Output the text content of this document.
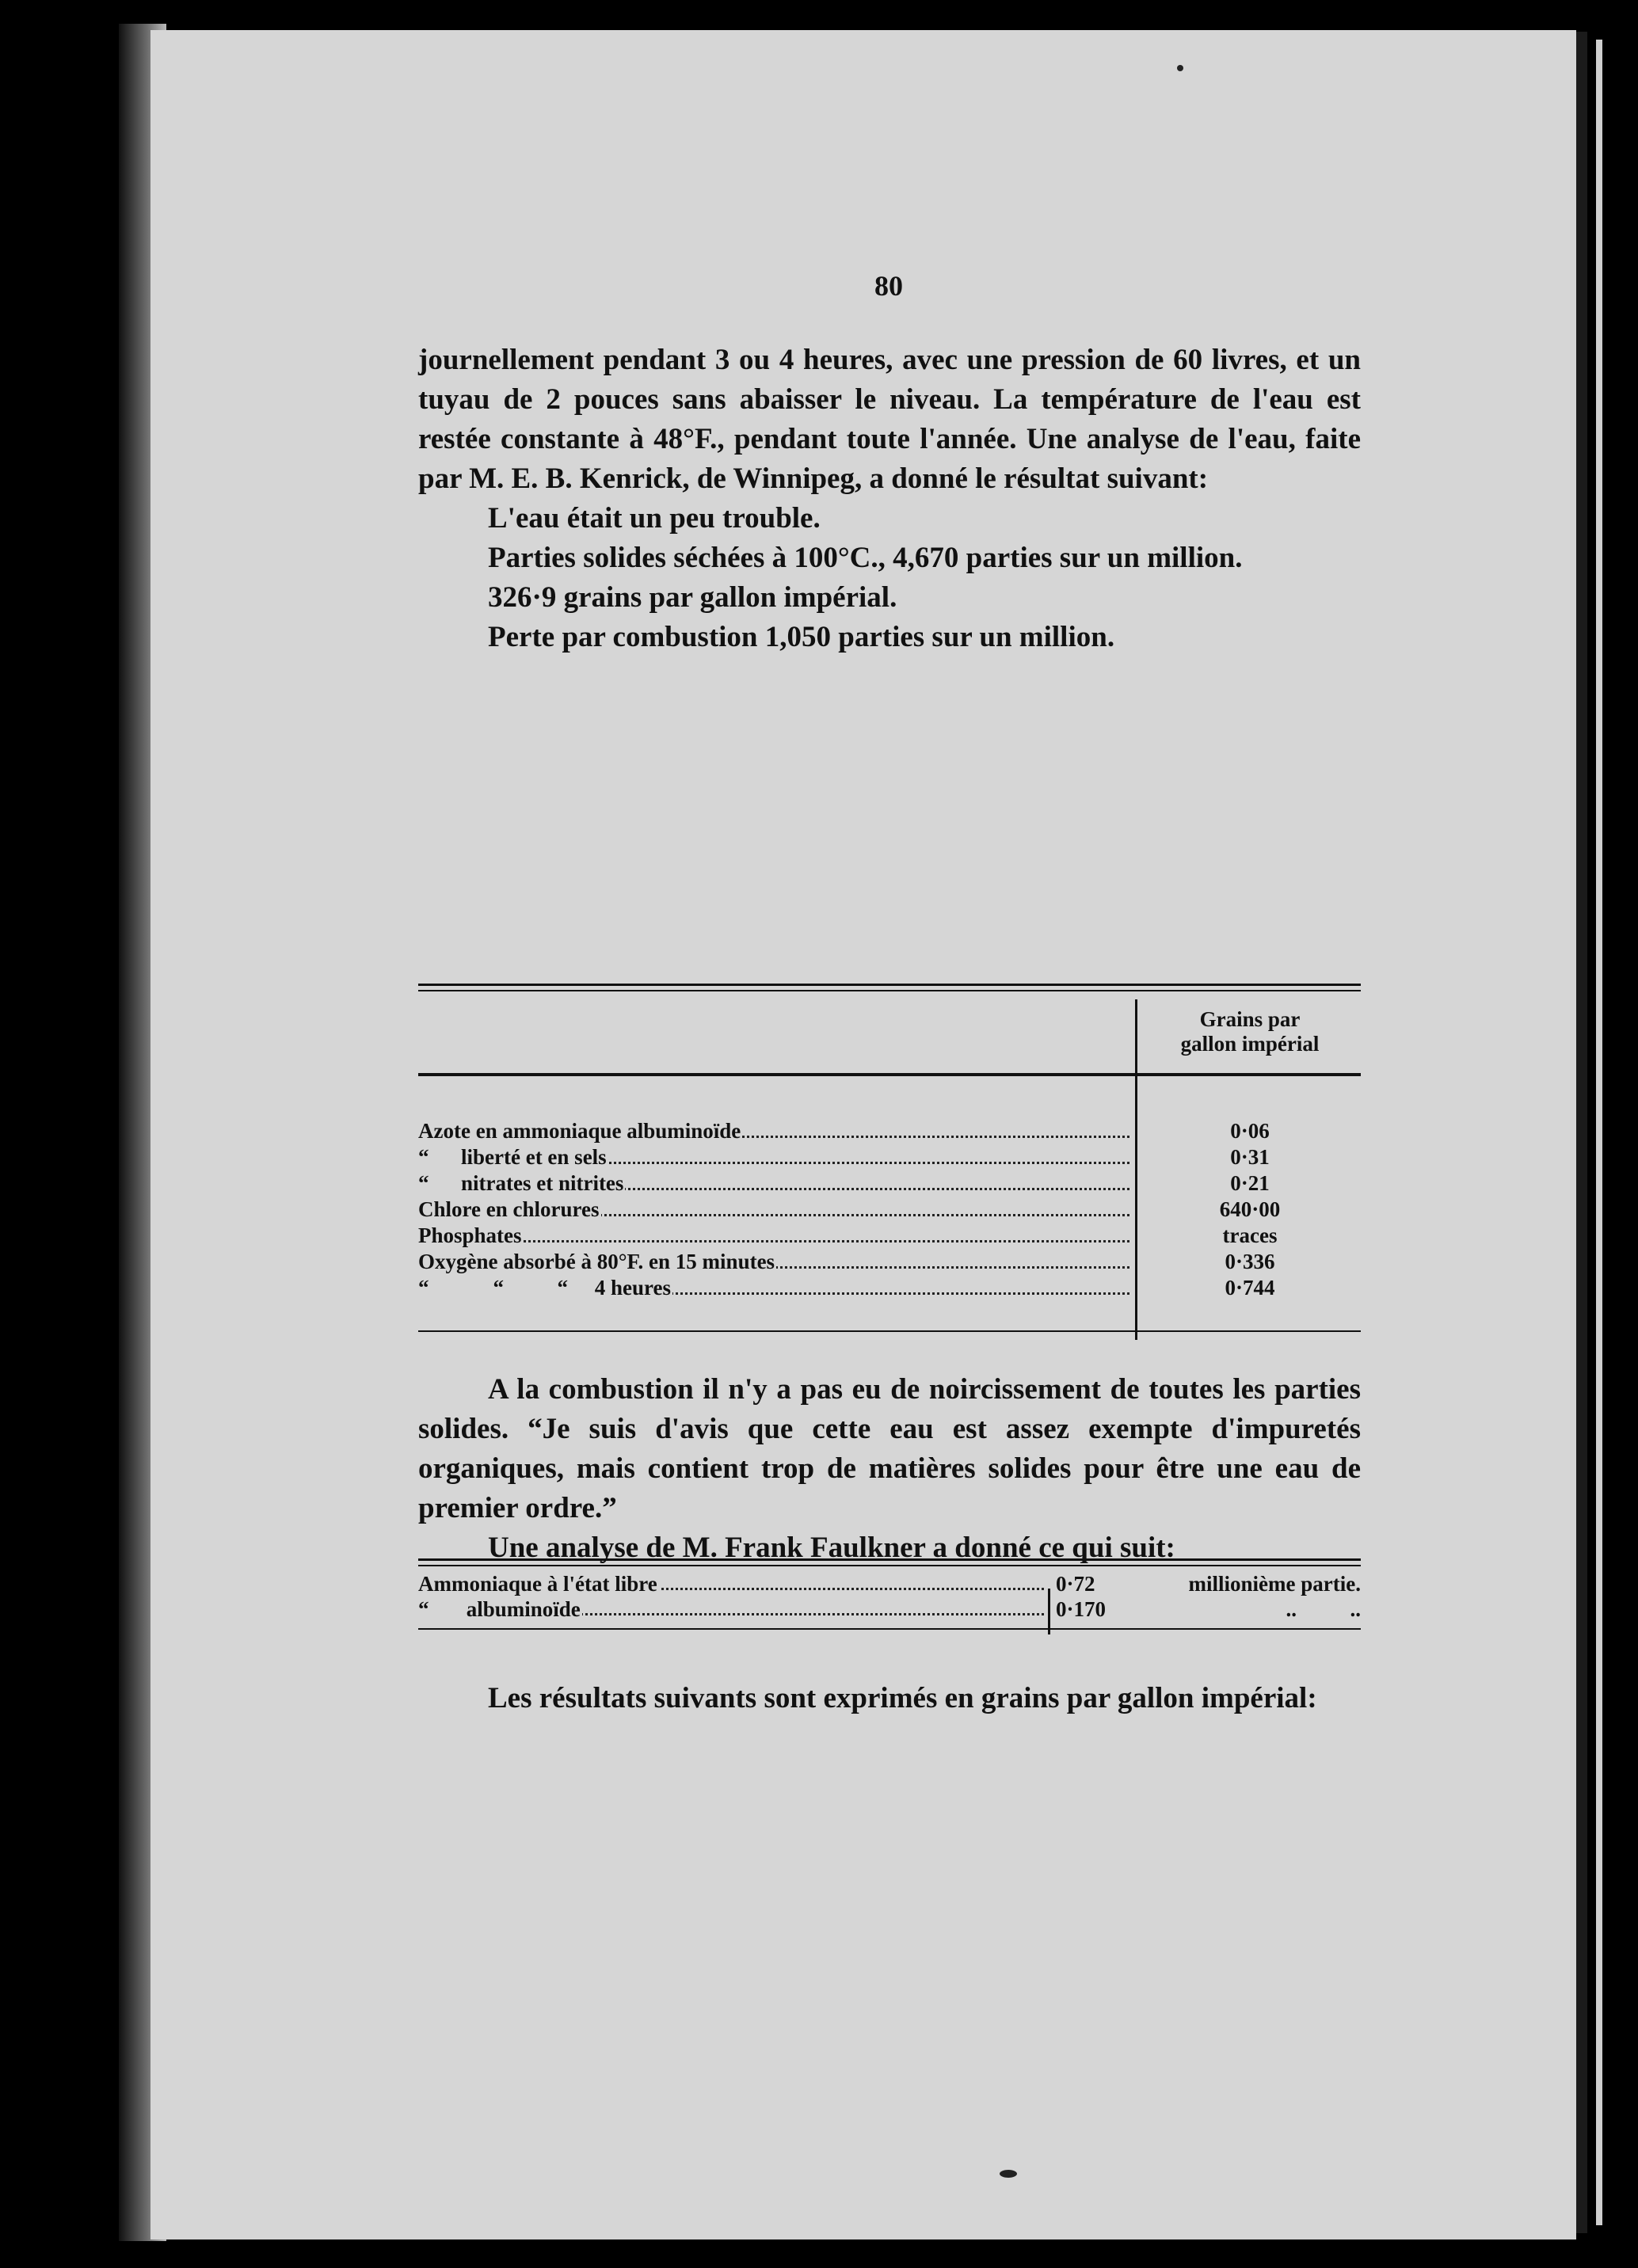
80

journellement pendant 3 ou 4 heures, avec une pression de 60 livres, et un tuyau de 2 pouces sans abaisser le niveau. La température de l'eau est restée constante à 48°F., pendant toute l'année. Une analyse de l'eau, faite par M. E. B. Kenrick, de Winnipeg, a donné le résultat suivant:

L'eau était un peu trouble.

Parties solides séchées à 100°C., 4,670 parties sur un million.

326·9 grains par gallon impérial.

Perte par combustion 1,050 parties sur un million.

Grains par
gallon impérial
Azote en ammoniaque albuminoïde	0·06
“      liberté et en sels	0·31
“      nitrates et nitrites	0·21
Chlore en chlorures	640·00
Phosphates	traces
Oxygène absorbé à 80°F. en 15 minutes	0·336
“            “          “     4 heures	0·744

A la combustion il n'y a pas eu de noircissement de toutes les parties solides. “Je suis d'avis que cette eau est assez exempte d'impuretés organiques, mais contient trop de matières solides pour être une eau de premier ordre.”

Une analyse de M. Frank Faulkner a donné ce qui suit:

Ammoniaque à l'état libre	0·72	millionième partie.
“       albuminoïde	0·170	..          ..

Les résultats suivants sont exprimés en grains par gallon impérial:
